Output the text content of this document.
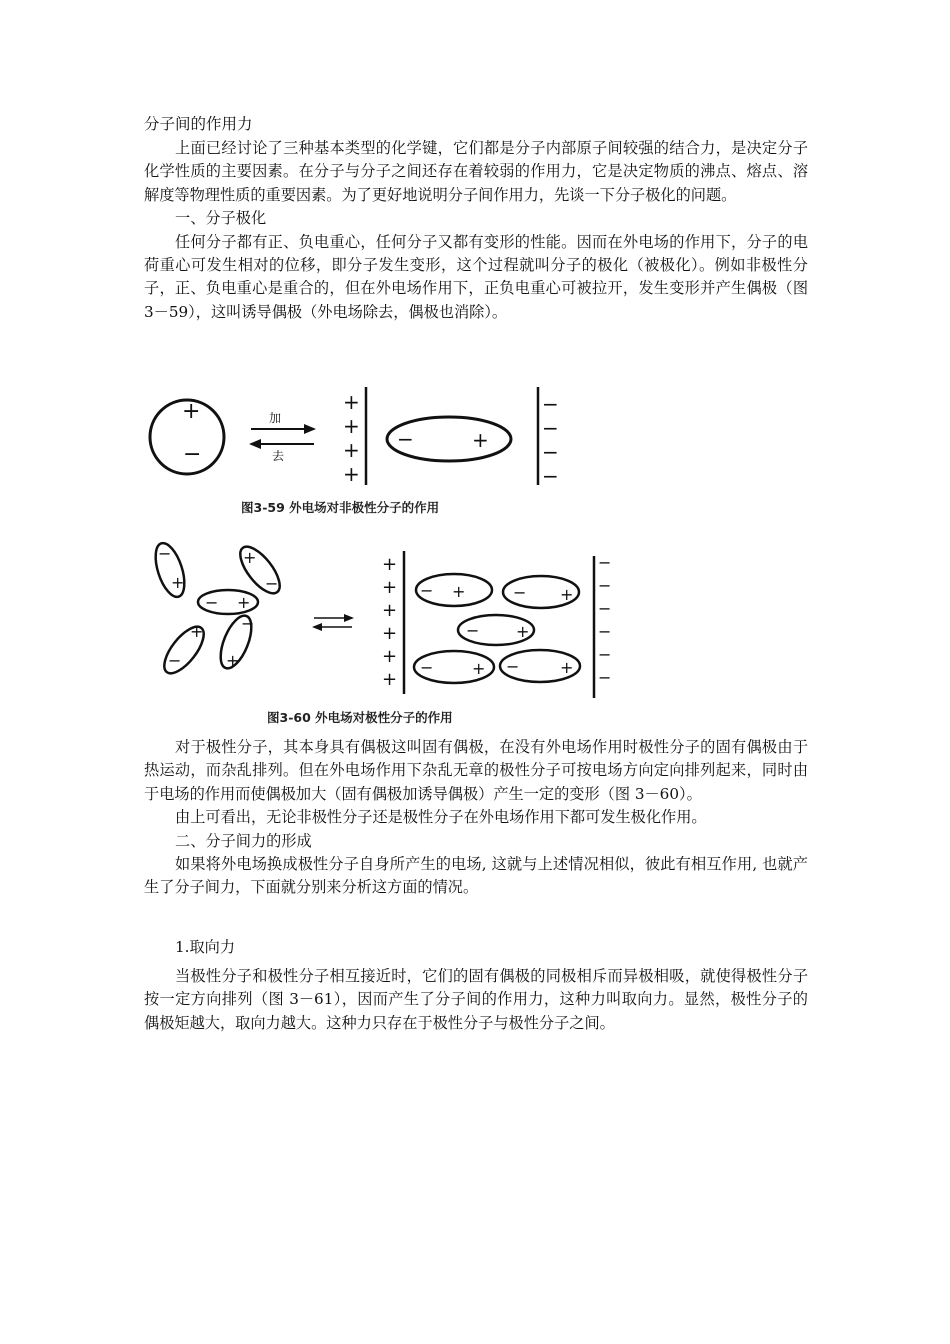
分子间的作用力

上面已经讨论了三种基本类型的化学键，它们都是分子内部原子间较强的结合力，是决定分子化学性质的主要因素。在分子与分子之间还存在着较弱的作用力，它是决定物质的沸点、熔点、溶解度等物理性质的重要因素。为了更好地说明分子间作用力，先谈一下分子极化的问题。

一、分子极化

任何分子都有正、负电重心，任何分子又都有变形的性能。因而在外电场的作用下，分子的电荷重心可发生相对的位移，即分子发生变形，这个过程就叫分子的极化（被极化）。例如非极性分子，正、负电重心是重合的，但在外电场作用下，正负电重心可被拉开，发生变形并产生偶极（图 3－59），这叫诱导偶极（外电场除去，偶极也消除）。

+
−
加
去
+
+
+
+
−	+
−
−
−
−
图3-59 外电场对非极性分子的作用
−
+
+
−
− +
+
−
−
+
+
+
+
+
+
+
− +	− +
− +
− + −	+
−
−
−
−
−
−
图3-60 外电场对极性分子的作用

对于极性分子，其本身具有偶极这叫固有偶极，在没有外电场作用时极性分子的固有偶极由于热运动，而杂乱排列。但在外电场作用下杂乱无章的极性分子可按电场方向定向排列起来，同时由于电场的作用而使偶极加大（固有偶极加诱导偶极）产生一定的变形（图 3－60）。

由上可看出，无论非极性分子还是极性分子在外电场作用下都可发生极化作用。

二、分子间力的形成

如果将外电场换成极性分子自身所产生的电场, 这就与上述情况相似，彼此有相互作用, 也就产生了分子间力，下面就分别来分析这方面的情况。

1.取向力

当极性分子和极性分子相互接近时，它们的固有偶极的同极相斥而异极相吸，就使得极性分子按一定方向排列（图 3－61），因而产生了分子间的作用力，这种力叫取向力。显然，极性分子的偶极矩越大，取向力越大。这种力只存在于极性分子与极性分子之间。
